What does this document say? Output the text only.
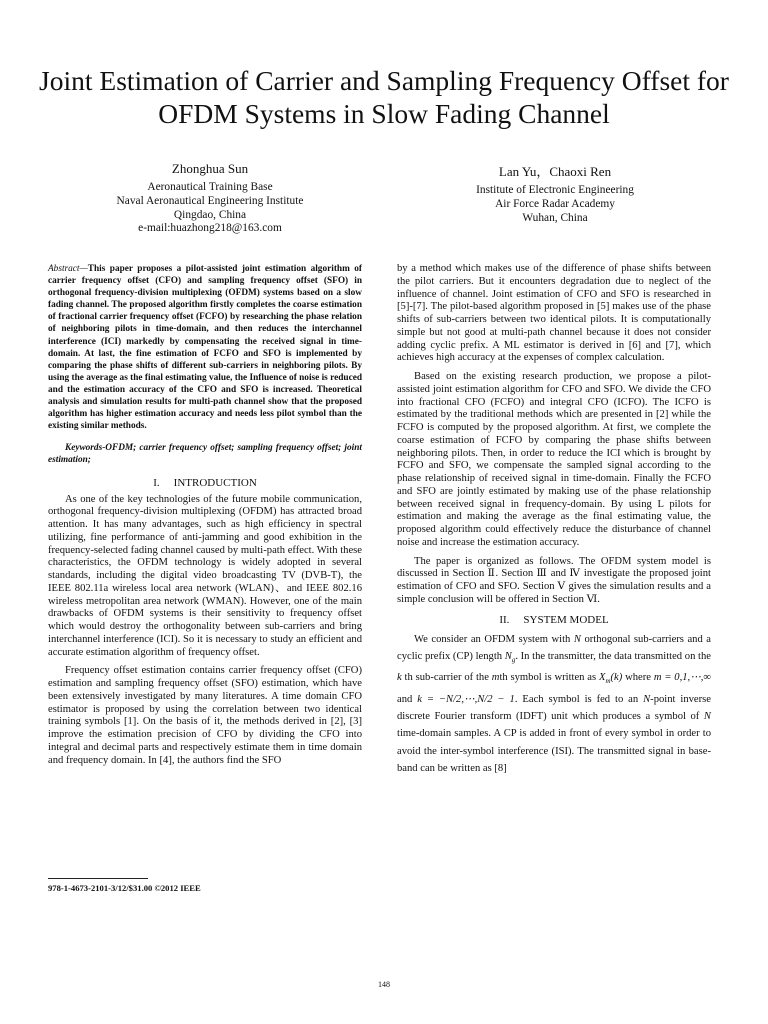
Joint Estimation of Carrier and Sampling Frequency Offset for OFDM Systems in Slow Fading Channel
Zhonghua Sun
Aeronautical Training Base
Naval Aeronautical Engineering Institute
Qingdao, China
e-mail:huazhong218@163.com
Lan Yu，Chaoxi Ren
Institute of Electronic Engineering
Air Force Radar Academy
Wuhan, China

Abstract—This paper proposes a pilot-assisted joint estimation algorithm of carrier frequency offset (CFO) and sampling frequency offset (SFO) in orthogonal frequency-division multiplexing (OFDM) systems based on a slow fading channel. The proposed algorithm firstly completes the coarse estimation of fractional carrier frequency offset (FCFO) by researching the phase relation of neighboring pilots in time-domain, and then reduces the interchannel interference (ICI) markedly by compensating the received signal in time-domain. At last, the fine estimation of FCFO and SFO is implemented by comparing the phase shifts of different sub-carriers in neighboring pilots. By using the average as the final estimating value, the Influence of noise is reduced and the estimation accuracy of the CFO and SFO is increased. Theoretical analysis and simulation results for multi-path channel show that the proposed algorithm has higher estimation accuracy and needs less pilot symbol than the existing similar methods.

Keywords-OFDM; carrier frequency offset; sampling frequency offset; joint estimation;

I. INTRODUCTION

As one of the key technologies of the future mobile communication, orthogonal frequency-division multiplexing (OFDM) has attracted broad attention. It has many advantages, such as high efficiency in spectral utilizing, fine performance of anti-jamming and good exhibition in the frequency-selected fading channel caused by multi-path effect. With these characteristics, the OFDM technology is widely adopted in several standards, including the digital video broadcasting TV (DVB-T), the IEEE 802.11a wireless local area network (WLAN)、and IEEE 802.16 wireless metropolitan area network (WMAN). However, one of the main drawbacks of OFDM systems is their sensitivity to frequency offset which would destroy the orthogonality between sub-carriers and bring interchannel interference (ICI). So it is necessary to study an efficient and accurate estimation algorithm of frequency offset.

Frequency offset estimation contains carrier frequency offset (CFO) estimation and sampling frequency offset (SFO) estimation, which have been extensively investigated by many literatures. A time domain CFO estimator is proposed by using the correlation between two identical training symbols [1]. On the basis of it, the methods derived in [2], [3] improve the estimation precision of CFO by dividing the CFO into integral and decimal parts and respectively estimate them in time domain and frequency domain. In [4], the authors find the SFO

978-1-4673-2101-3/12/$31.00 ©2012 IEEE

by a method which makes use of the difference of phase shifts between the pilot carriers. But it encounters degradation due to neglect of the influence of channel. Joint estimation of CFO and SFO is researched in [5]-[7]. The pilot-based algorithm proposed in [5] makes use of the phase shifts of sub-carriers between two identical pilots. It is computationally simple but not good at multi-path channel because it does not consider adding cyclic prefix. A ML estimator is derived in [6] and [7], which achieves high accuracy at the expenses of complex calculation.

Based on the existing research production, we propose a pilot-assisted joint estimation algorithm for CFO and SFO. We divide the CFO into fractional CFO (FCFO) and integral CFO (ICFO). The ICFO is estimated by the traditional methods which are presented in [2] while the FCFO is computed by the proposed algorithm. At first, we complete the coarse estimation of FCFO by comparing the phase shifts between neighboring pilots. Then, in order to reduce the ICI which is brought by FCFO and SFO, we compensate the sampled signal according to the phase relationship of received signal in time-domain. Finally the FCFO and SFO are jointly estimated by making use of the phase relationship between received signal in frequency-domain. By using L pilots for estimation and making the average as the final estimating value, the proposed algorithm could effectively reduce the disturbance of channel noise and increase the estimation accuracy.

The paper is organized as follows. The OFDM system model is discussed in Section Ⅱ. Section Ⅲ and Ⅳ investigate the proposed joint estimation of CFO and SFO. Section Ⅴ gives the simulation results and a simple conclusion will be offered in Section Ⅵ.

II. SYSTEM MODEL

We consider an OFDM system with N orthogonal sub-carriers and a cyclic prefix (CP) length $N_g$. In the transmitter, the data transmitted on the k th sub-carrier of the mth symbol is written as $X_m(k)$ where m = 0,1,⋯,∞ and k = −N/2,⋯,N/2 − 1. Each symbol is fed to an N-point inverse discrete Fourier transform (IDFT) unit which produces a symbol of N time-domain samples. A CP is added in front of every symbol in order to avoid the inter-symbol interference (ISI). The transmitted signal in base-band can be written as [8]

148
